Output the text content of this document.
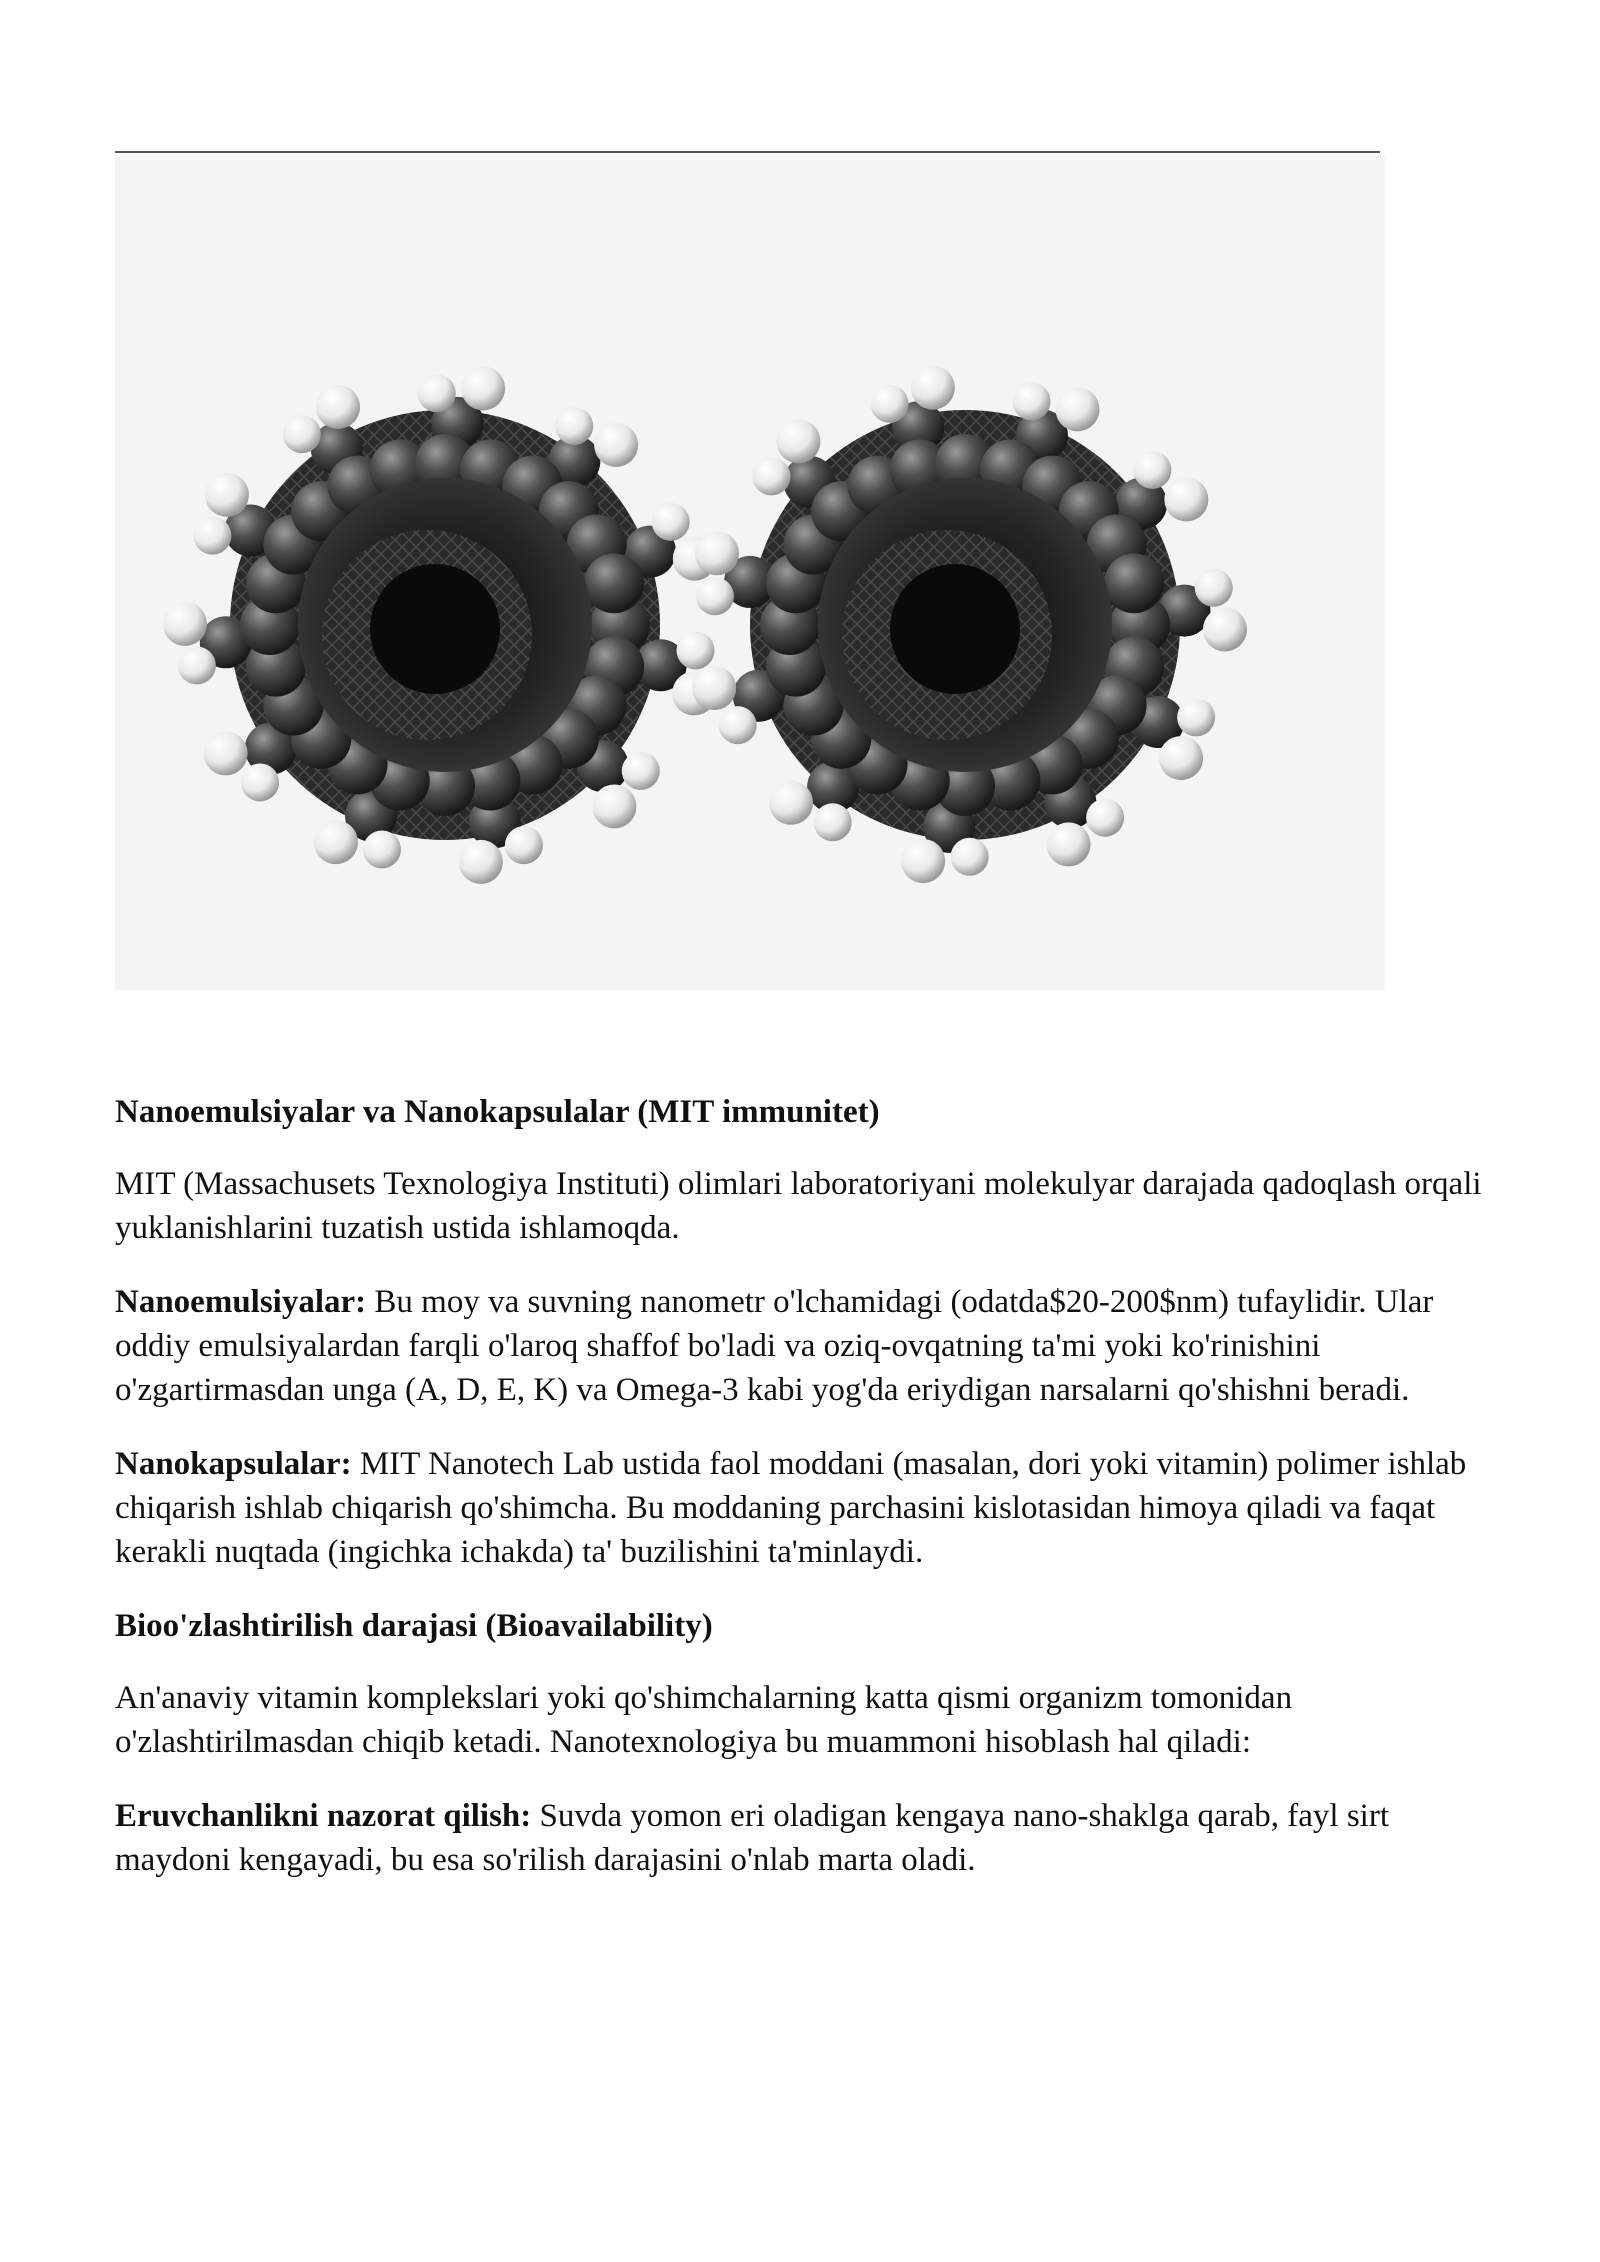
Nanoemulsiyalar va Nanokapsulalar (MIT immunitet)

MIT (Massachusets Texnologiya Instituti) olimlari laboratoriyani molekulyar darajada qadoqlash orqali yuklanishlarini tuzatish ustida ishlamoqda.

Nanoemulsiyalar: Bu moy va suvning nanometr o'lchamidagi (odatda$20-200$nm) tufaylidir. Ular oddiy emulsiyalardan farqli o'laroq shaffof bo'ladi va oziq-ovqatning ta'mi yoki ko'rinishini o'zgartirmasdan unga (A, D, E, K) va Omega-3 kabi yog'da eriydigan narsalarni qo'shishni beradi.

Nanokapsulalar: MIT Nanotech Lab ustida faol moddani (masalan, dori yoki vitamin) polimer ishlab chiqarish ishlab chiqarish qo'shimcha. Bu moddaning parchasini kislotasidan himoya qiladi va faqat kerakli nuqtada (ingichka ichakda) ta' buzilishini ta'minlaydi.

Bioo'zlashtirilish darajasi (Bioavailability)

An'anaviy vitamin komplekslari yoki qo'shimchalarning katta qismi organizm tomonidan o'zlashtirilmasdan chiqib ketadi. Nanotexnologiya bu muammoni hisoblash hal qiladi:

Eruvchanlikni nazorat qilish: Suvda yomon eri oladigan kengaya nano-shaklga qarab, fayl sirt maydoni kengayadi, bu esa so'rilish darajasini o'nlab marta oladi.
